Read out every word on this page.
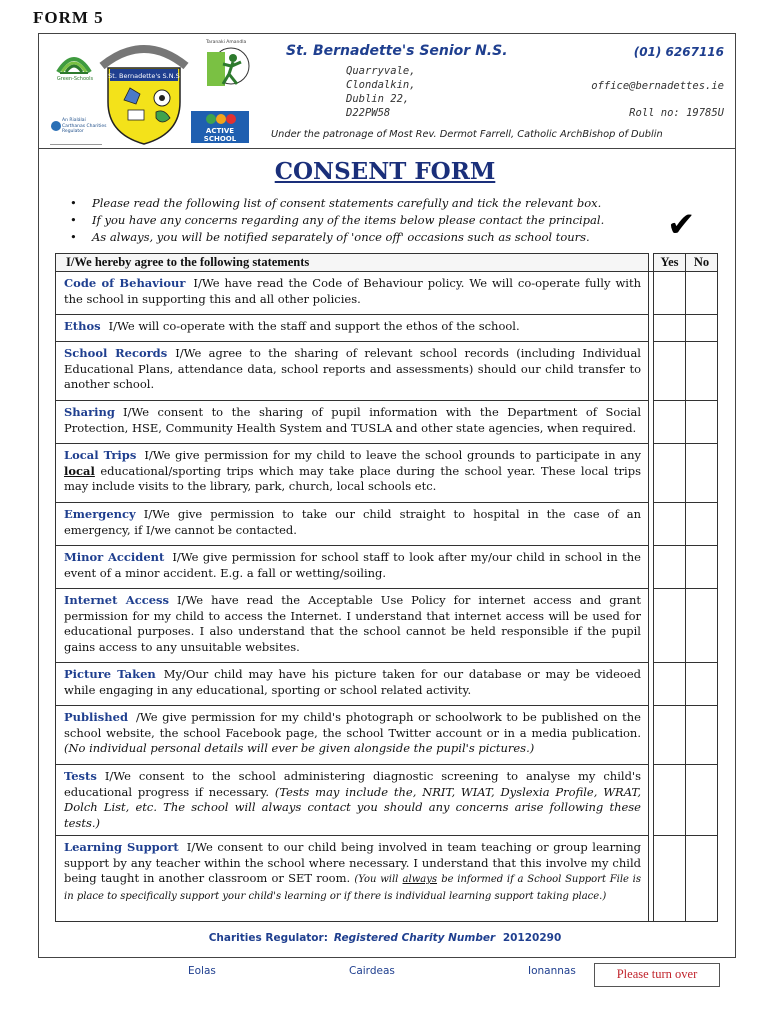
FORM 5
Green-Schools
An Rialálaí Carthanas Charities Regulator
St. Bernadette's S.N.S
Taranaki Amandla
ACTIVE SCHOOL
St. Bernadette's Senior N.S.	(01) 6267116
Quarryvale,
Clondalkin,
Dublin 22,
D22PW58
office@bernadettes.ie
Roll no: 19785U
Under the patronage of Most Rev. Dermot Farrell, Catholic ArchBishop of Dublin
CONSENT FORM
• Please read the following list of consent statements carefully and tick the relevant box.
• If you have any concerns regarding any of the items below please contact the principal.
• As always, you will be notified separately of 'once off' occasions such as school tours.	✔
I/We hereby agree to the following statements		Yes	No
Code of Behaviour I/We have read the Code of Behaviour policy. We will co-operate fully with the school in supporting this and all other policies.			
Ethos I/We will co-operate with the staff and support the ethos of the school.			
School Records I/We agree to the sharing of relevant school records (including Individual Educational Plans, attendance data, school reports and assessments) should our child transfer to another school.			
Sharing I/We consent to the sharing of pupil information with the Department of Social Protection, HSE, Community Health System and TUSLA and other state agencies, when required.			
Local Trips I/We give permission for my child to leave the school grounds to participate in any local educational/sporting trips which may take place during the school year. These local trips may include visits to the library, park, church, local schools etc.			
Emergency I/We give permission to take our child straight to hospital in the case of an emergency, if I/we cannot be contacted.			
Minor Accident I/We give permission for school staff to look after my/our child in school in the event of a minor accident. E.g. a fall or wetting/soiling.			
Internet Access I/We have read the Acceptable Use Policy for internet access and grant permission for my child to access the Internet. I understand that internet access will be used for educational purposes. I also understand that the school cannot be held responsible if the pupil gains access to any unsuitable websites.			
Picture Taken My/Our child may have his picture taken for our database or may be videoed while engaging in any educational, sporting or school related activity.			
Published /We give permission for my child's photograph or schoolwork to be published on the school website, the school Facebook page, the school Twitter account or in a media publication. (No individual personal details will ever be given alongside the pupil's pictures.)			
Tests I/We consent to the school administering diagnostic screening to analyse my child's educational progress if necessary. (Tests may include the, NRIT, WIAT, Dyslexia Profile, WRAT, Dolch List, etc. The school will always contact you should any concerns arise following these tests.)			
Learning Support I/We consent to our child being involved in team teaching or group learning support by any teacher within the school where necessary. I understand that this involve my child being taught in another classroom or SET room. (You will always be informed if a School Support File is in place to specifically support your child's learning or if there is individual learning support taking place.)			
Charities Regulator: Registered Charity Number 20120290
Eolas	Cairdeas	Ionannas	Please turn over
